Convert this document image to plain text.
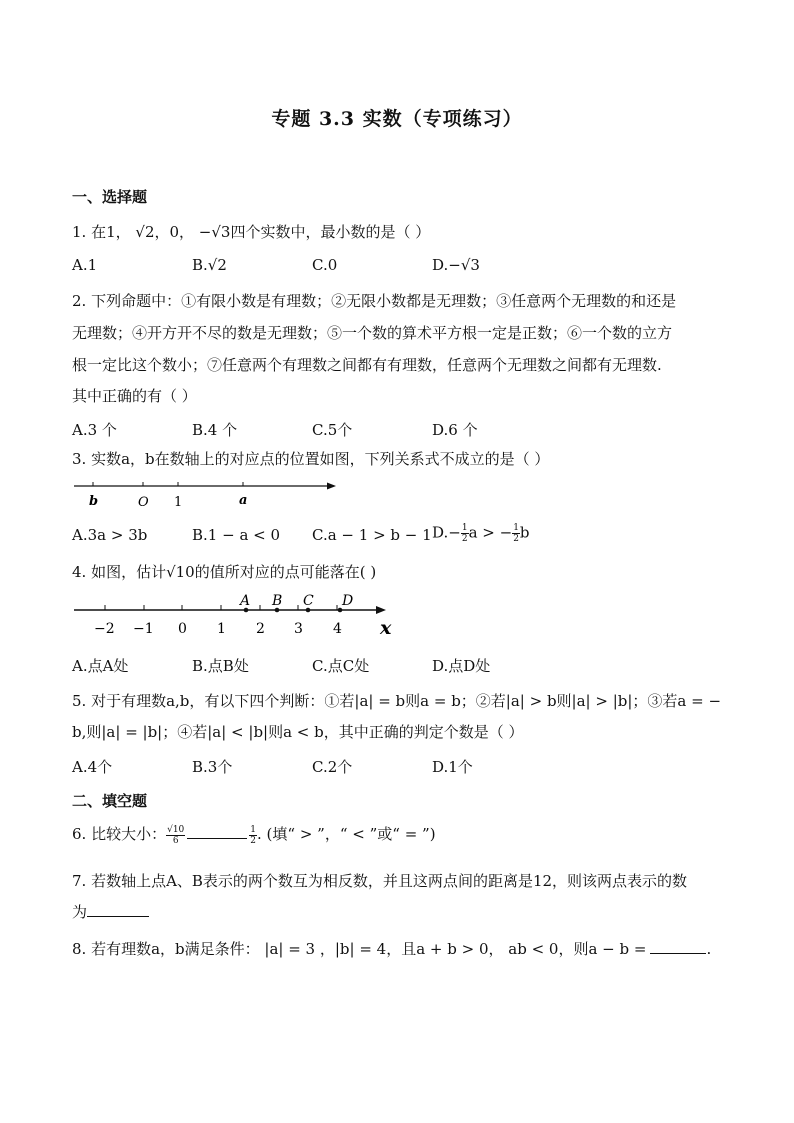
专题 3.3 实数（专项练习）
一、选择题
1. 在1， √2，0， −√3四个实数中，最小数的是（ ）
A.1	B.√2	C.0	D.−√3
2. 下列命题中：①有限小数是有理数；②无限小数都是无理数；③任意两个无理数的和还是
无理数；④开方开不尽的数是无理数；⑤一个数的算术平方根一定是正数；⑥一个数的立方
根一定比这个数小；⑦任意两个有理数之间都有有理数，任意两个无理数之间都有无理数.
其中正确的有（ ）
A.3 个	B.4 个	C.5个	D.6 个
3. 实数a，b在数轴上的对应点的位置如图，下列关系式不成立的是（ ）
b	O 1	a
A.3a > 3b	B.1 − a < 0 C.a − 1 > b − 1 $D.- \frac{1}{2}$ a > − $\frac{1}{2}$ b
4. 如图，估计√10的值所对应的点可能落在( )
A B C D
−2 −1 0 1 2 3 4 x
A.点A处	B.点B处	C.点C处	D.点D处
5. 对于有理数a,b，有以下四个判断：①若|a| = b则a = b；②若|a| > b则|a| > |b|；③若a = −
b,则|a| = |b|；④若|a| < |b|则a < b，其中正确的判定个数是（ ）
A.4个	B.3个	C.2个	D.1个
二、填空题
6. 比较大小： $\frac{√10}{6}$	$\frac{1}{2}$ . (填“ > ”，“ < ”或“ = ”)
7. 若数轴上点A、B表示的两个数互为相反数，并且这两点间的距离是12，则该两点表示的数
为
8. 若有理数a，b满足条件： |a| = 3 ，|b| = 4，且a + b > 0， ab < 0，则a − b =	.
